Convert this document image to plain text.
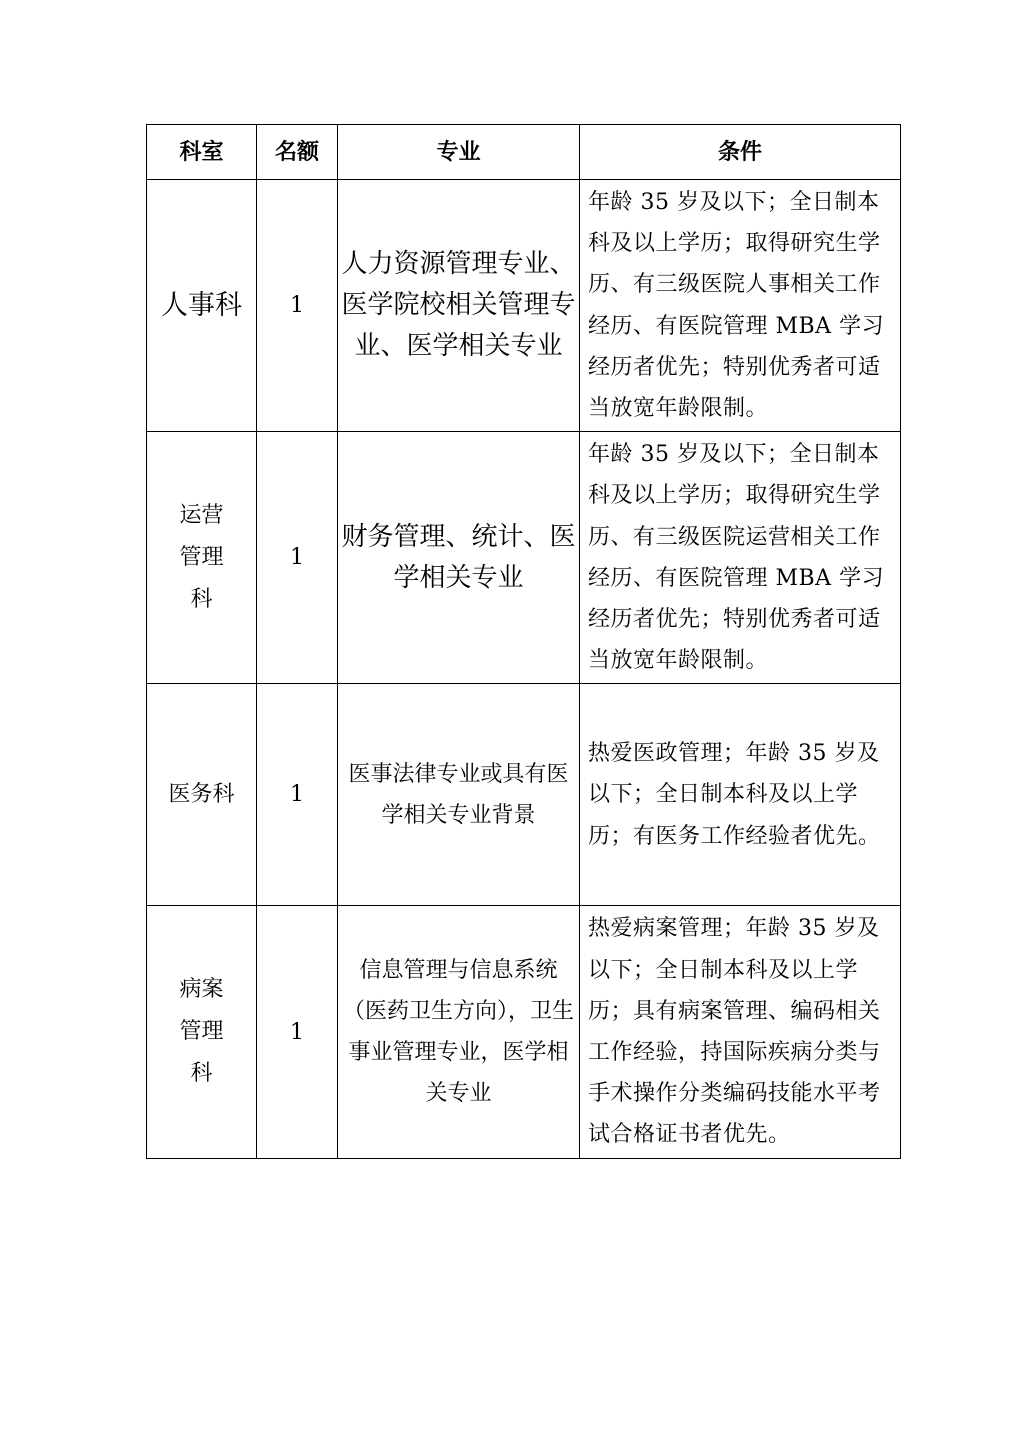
科室	名额	专业	条件
人事科	1	人力资源管理专业、医学院校相关管理专业、医学相关专业	年龄 35 岁及以下；全日制本科及以上学历；取得研究生学历、有三级医院人事相关工作经历、有医院管理 MBA 学习经历者优先；特别优秀者可适当放宽年龄限制。
运营管理科	1	财务管理、统计、医学相关专业	年龄 35 岁及以下；全日制本科及以上学历；取得研究生学历、有三级医院运营相关工作经历、有医院管理 MBA 学习经历者优先；特别优秀者可适当放宽年龄限制。
医务科	1	医事法律专业或具有医学相关专业背景	热爱医政管理；年龄 35 岁及以下；全日制本科及以上学历；有医务工作经验者优先。
病案管理科	1	信息管理与信息系统（医药卫生方向），卫生事业管理专业，医学相关专业	热爱病案管理；年龄 35 岁及以下；全日制本科及以上学历；具有病案管理、编码相关工作经验，持国际疾病分类与手术操作分类编码技能水平考试合格证书者优先。
